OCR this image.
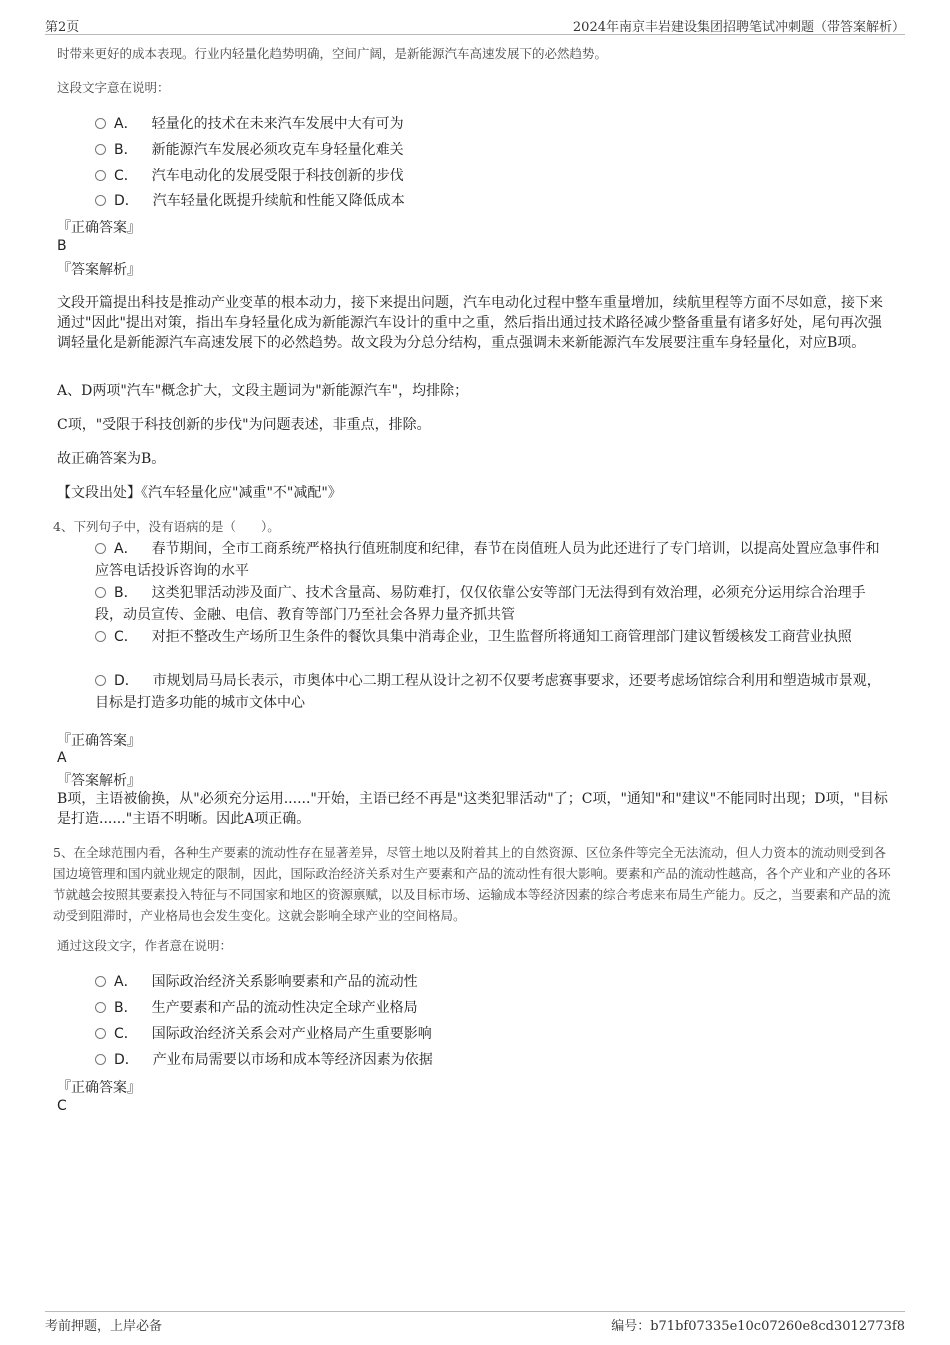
第2页	2024年南京丰岩建设集团招聘笔试冲刺题（带答案解析）
时带来更好的成本表现。行业内轻量化趋势明确，空间广阔，是新能源汽车高速发展下的必然趋势。
这段文字意在说明：
A． 轻量化的技术在未来汽车发展中大有可为
B． 新能源汽车发展必须攻克车身轻量化难关
C． 汽车电动化的发展受限于科技创新的步伐
D． 汽车轻量化既提升续航和性能又降低成本
『正确答案』
B
『答案解析』
文段开篇提出科技是推动产业变革的根本动力，接下来提出问题，汽车电动化过程中整车重量增加，续航里程等方面不尽如意，接下来通过"因此"提出对策，指出车身轻量化成为新能源汽车设计的重中之重，然后指出通过技术路径减少整备重量有诸多好处，尾句再次强调轻量化是新能源汽车高速发展下的必然趋势。故文段为分总分结构，重点强调未来新能源汽车发展要注重车身轻量化，对应B项。
A、D两项"汽车"概念扩大，文段主题词为"新能源汽车"，均排除；
C项，"受限于科技创新的步伐"为问题表述，非重点，排除。
故正确答案为B。
【文段出处】《汽车轻量化应"减重"不"减配"》
4、下列句子中，没有语病的是（　　）。
A． 春节期间，全市工商系统严格执行值班制度和纪律，春节在岗值班人员为此还进行了专门培训，以提高处置应急事件和应答电话投诉咨询的水平
B． 这类犯罪活动涉及面广、技术含量高、易防难打，仅仅依靠公安等部门无法得到有效治理，必须充分运用综合治理手段，动员宣传、金融、电信、教育等部门乃至社会各界力量齐抓共管
C． 对拒不整改生产场所卫生条件的餐饮具集中消毒企业，卫生监督所将通知工商管理部门建议暂缓核发工商营业执照
D． 市规划局马局长表示，市奥体中心二期工程从设计之初不仅要考虑赛事要求，还要考虑场馆综合利用和塑造城市景观，目标是打造多功能的城市文体中心
『正确答案』
A
『答案解析』
B项，主语被偷换，从"必须充分运用......"开始，主语已经不再是"这类犯罪活动"了；C项，"通知"和"建议"不能同时出现；D项，"目标是打造......"主语不明晰。因此A项正确。
5、在全球范围内看，各种生产要素的流动性存在显著差异，尽管土地以及附着其上的自然资源、区位条件等完全无法流动，但人力资本的流动则受到各国边境管理和国内就业规定的限制，因此，国际政治经济关系对生产要素和产品的流动性有很大影响。要素和产品的流动性越高，各个产业和产业的各环节就越会按照其要素投入特征与不同国家和地区的资源禀赋，以及目标市场、运输成本等经济因素的综合考虑来布局生产能力。反之，当要素和产品的流动受到阻滞时，产业格局也会发生变化。这就会影响全球产业的空间格局。
通过这段文字，作者意在说明：
A． 国际政治经济关系影响要素和产品的流动性
B． 生产要素和产品的流动性决定全球产业格局
C． 国际政治经济关系会对产业格局产生重要影响
D． 产业布局需要以市场和成本等经济因素为依据
『正确答案』
C
考前押题，上岸必备	编号：b71bf07335e10c07260e8cd3012773f8
